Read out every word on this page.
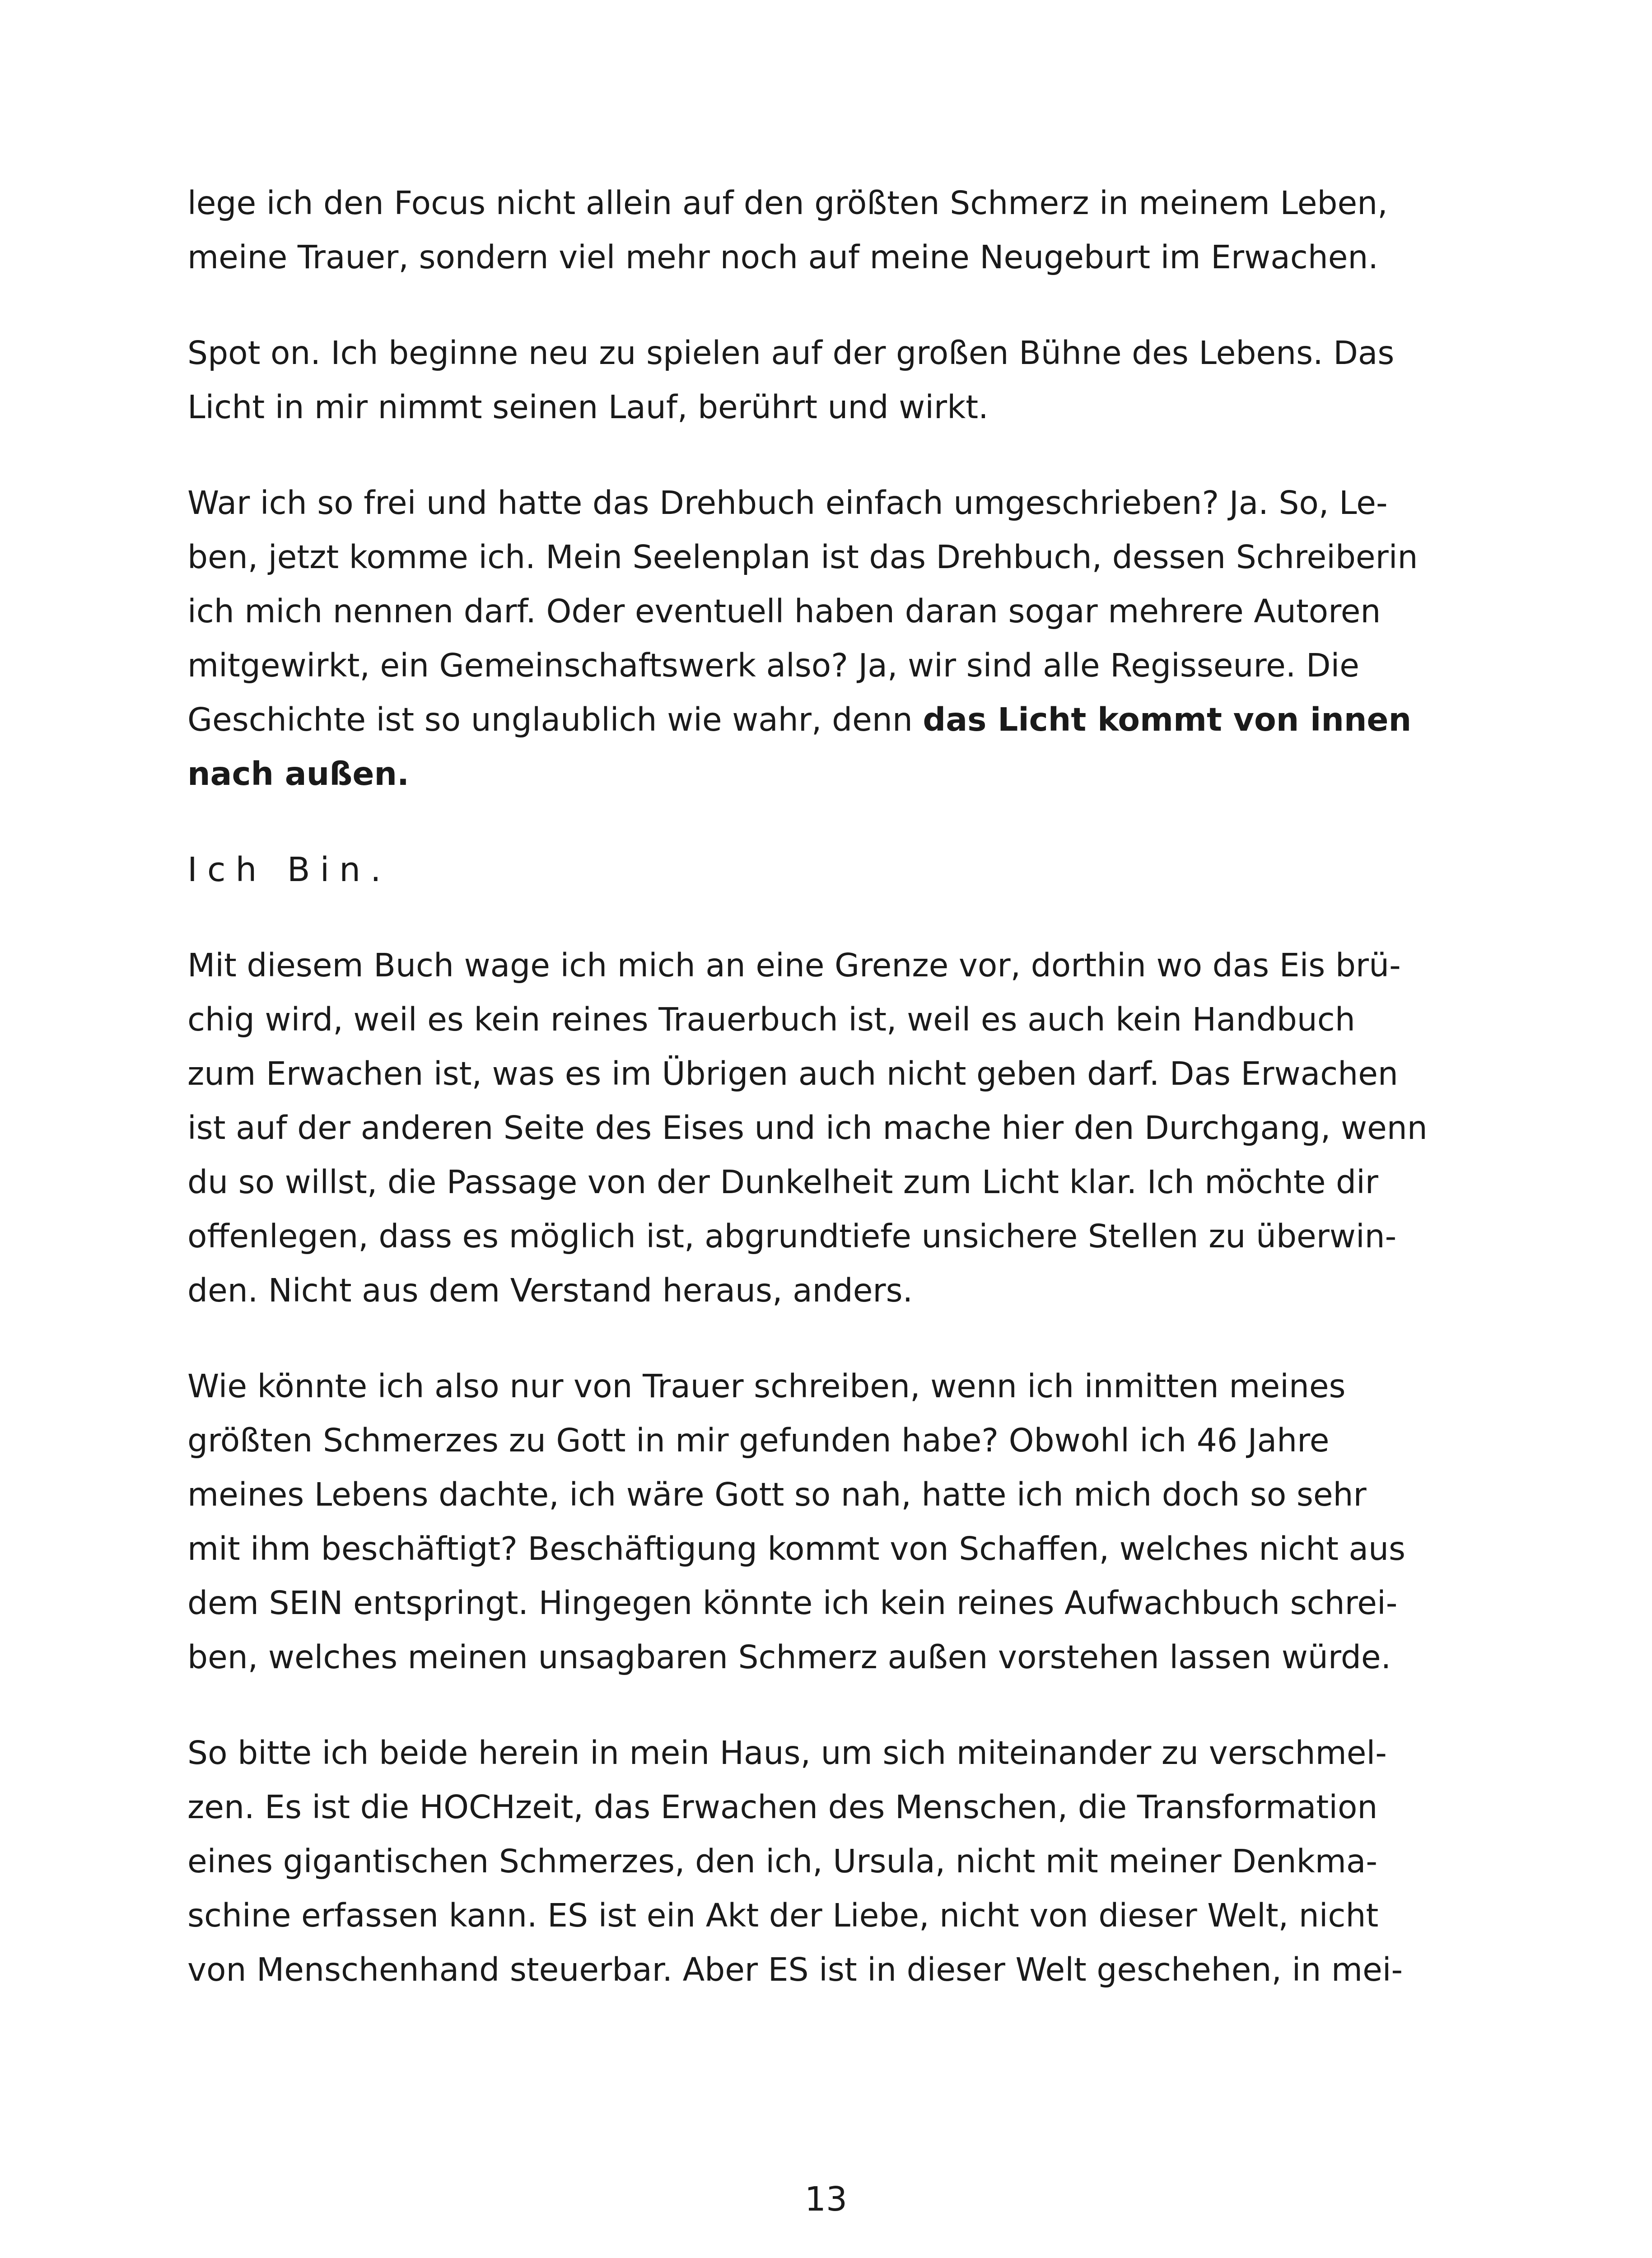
lege ich den Focus nicht allein auf den größten Schmerz in meinem Leben,
meine Trauer, sondern viel mehr noch auf meine Neugeburt im Erwachen.

Spot on. Ich beginne neu zu spielen auf der großen Bühne des Lebens. Das
Licht in mir nimmt seinen Lauf, berührt und wirkt.

War ich so frei und hatte das Drehbuch einfach umgeschrieben? Ja. So, Le-
ben, jetzt komme ich. Mein Seelenplan ist das Drehbuch, dessen Schreiberin
ich mich nennen darf. Oder eventuell haben daran sogar mehrere Autoren
mitgewirkt, ein Gemeinschaftswerk also? Ja, wir sind alle Regisseure. Die
Geschichte ist so unglaublich wie wahr, denn das Licht kommt von innen
nach außen.

Ich Bin.

Mit diesem Buch wage ich mich an eine Grenze vor, dorthin wo das Eis brü-
chig wird, weil es kein reines Trauerbuch ist, weil es auch kein Handbuch
zum Erwachen ist, was es im Übrigen auch nicht geben darf. Das Erwachen
ist auf der anderen Seite des Eises und ich mache hier den Durchgang, wenn
du so willst, die Passage von der Dunkelheit zum Licht klar. Ich möchte dir
offenlegen, dass es möglich ist, abgrundtiefe unsichere Stellen zu überwin-
den. Nicht aus dem Verstand heraus, anders.

Wie könnte ich also nur von Trauer schreiben, wenn ich inmitten meines
größten Schmerzes zu Gott in mir gefunden habe? Obwohl ich 46 Jahre
meines Lebens dachte, ich wäre Gott so nah, hatte ich mich doch so sehr
mit ihm beschäftigt? Beschäftigung kommt von Schaffen, welches nicht aus
dem SEIN entspringt. Hingegen könnte ich kein reines Aufwachbuch schrei-
ben, welches meinen unsagbaren Schmerz außen vorstehen lassen würde.

So bitte ich beide herein in mein Haus, um sich miteinander zu verschmel-
zen. Es ist die HOCHzeit, das Erwachen des Menschen, die Transformation
eines gigantischen Schmerzes, den ich, Ursula, nicht mit meiner Denkma-
schine erfassen kann. ES ist ein Akt der Liebe, nicht von dieser Welt, nicht
von Menschenhand steuerbar. Aber ES ist in dieser Welt geschehen, in mei-

13
